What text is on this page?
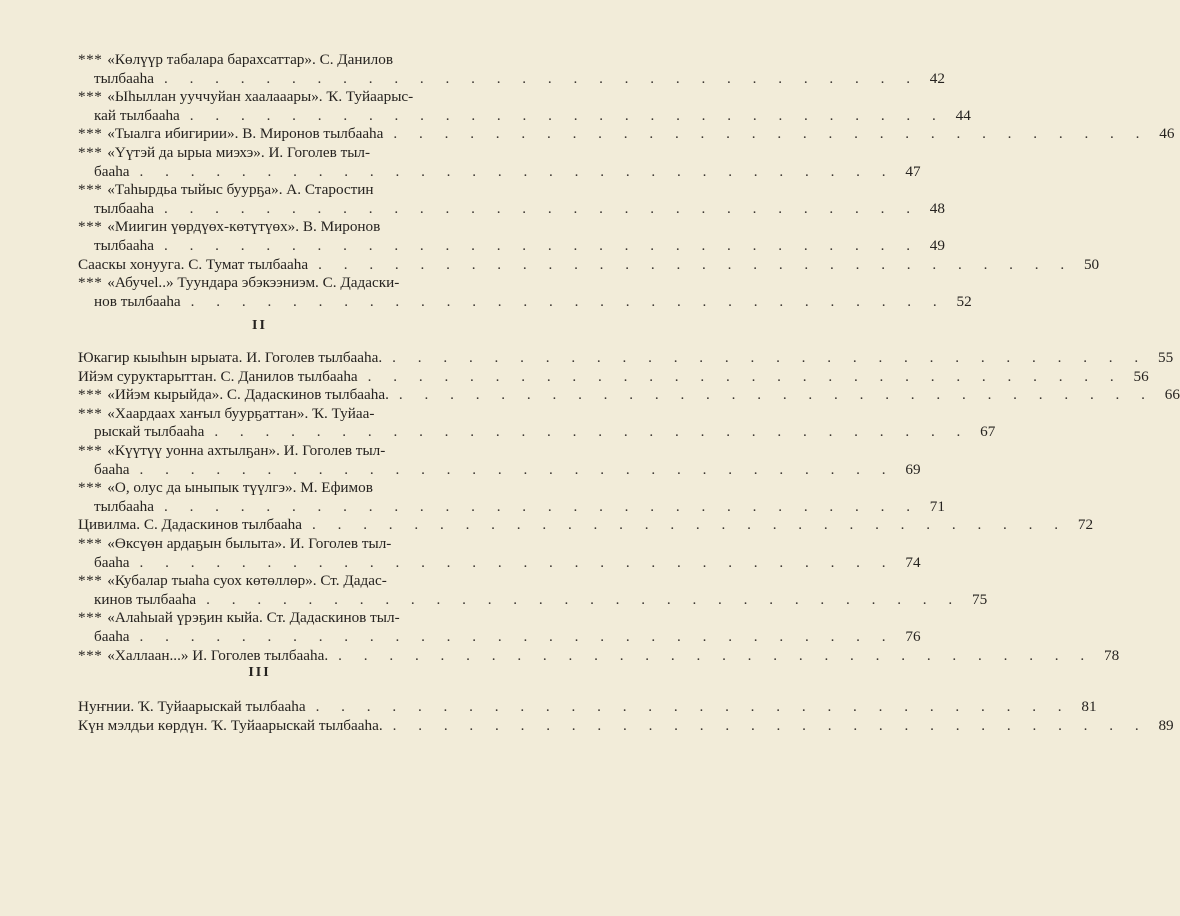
*** «Көлүүр табалара барахсаттар». С. Данилов
тылбааһа . . . . . . . . . . . . . . . . . . . . . . . . . . . . . . 42
*** «Ыһыллан ууччуйан хаалааары». Ҡ. Туйаарыс-
кай тылбааһа . . . . . . . . . . . . . . . . . . . . . . . . . . . . . . 44
*** «Тыалга ибигирии». В. Миронов тылбааһа . . . . . . . . . . . . . . . . . . . . . . . . . . . . . . 46
*** «Үүтэй да ырыа миэхэ». И. Гоголев тыл-
бааһа . . . . . . . . . . . . . . . . . . . . . . . . . . . . . . 47
*** «Таһырдьа тыйыс буурҕа». А. Старостин
тылбааһа . . . . . . . . . . . . . . . . . . . . . . . . . . . . . . 48
*** «Миигин үөрдүөх-көтүтүөх». В. Миронов
тылбааһа . . . . . . . . . . . . . . . . . . . . . . . . . . . . . . 49
Сааскы хонуугa. С. Тумат тылбааһа . . . . . . . . . . . . . . . . . . . . . . . . . . . . . . 50
*** «Абучеl..» Туундара эбэкээниэм. С. Дадаски-
нов тылбааһа . . . . . . . . . . . . . . . . . . . . . . . . . . . . . . 52
II
Юкагир кыыһын ырыата. И. Гоголев тылбааһа. . . . . . . . . . . . . . . . . . . . . . . . . . . . . . . 55
Ийэм суруктарыттан. С. Данилов тылбааһа . . . . . . . . . . . . . . . . . . . . . . . . . . . . . . 56
*** «Ийэм кырыйда». С. Дадаскинов тылбааһа. . . . . . . . . . . . . . . . . . . . . . . . . . . . . . . 66
*** «Хаардаах хаҥыл буурҕаттан». Ҡ. Туйаа-
рыскай тылбааһа . . . . . . . . . . . . . . . . . . . . . . . . . . . . . . 67
*** «Күүтүү уонна ахтылҕан». И. Гоголев тыл-
бааһа . . . . . . . . . . . . . . . . . . . . . . . . . . . . . . 69
*** «О, олус да ыныпык түүлгэ». М. Ефимов
тылбааһа . . . . . . . . . . . . . . . . . . . . . . . . . . . . . . 71
Цивилма. С. Дадаскинов тылбааһа . . . . . . . . . . . . . . . . . . . . . . . . . . . . . . 72
*** «Өксүөн ардаҕын былыта». И. Гоголев тыл-
бааһа . . . . . . . . . . . . . . . . . . . . . . . . . . . . . . 74
*** «Кубалар тыаһа суох көтөллөр». Ст. Дадас-
кинов тылбааһа . . . . . . . . . . . . . . . . . . . . . . . . . . . . . . 75
*** «Алаһыай үрэҕин кыйа. Ст. Дадаскинов тыл-
бааһа . . . . . . . . . . . . . . . . . . . . . . . . . . . . . . 76
*** «Халлаан...» И. Гоголев тылбааһа. . . . . . . . . . . . . . . . . . . . . . . . . . . . . . . 78
III
Нуҥнии. Ҡ. Туйаарыскай тылбааһа . . . . . . . . . . . . . . . . . . . . . . . . . . . . . . 81
Күн мэлдьи көрдүн. Ҡ. Туйаарыскай тылбааһа. . . . . . . . . . . . . . . . . . . . . . . . . . . . . . . 89
